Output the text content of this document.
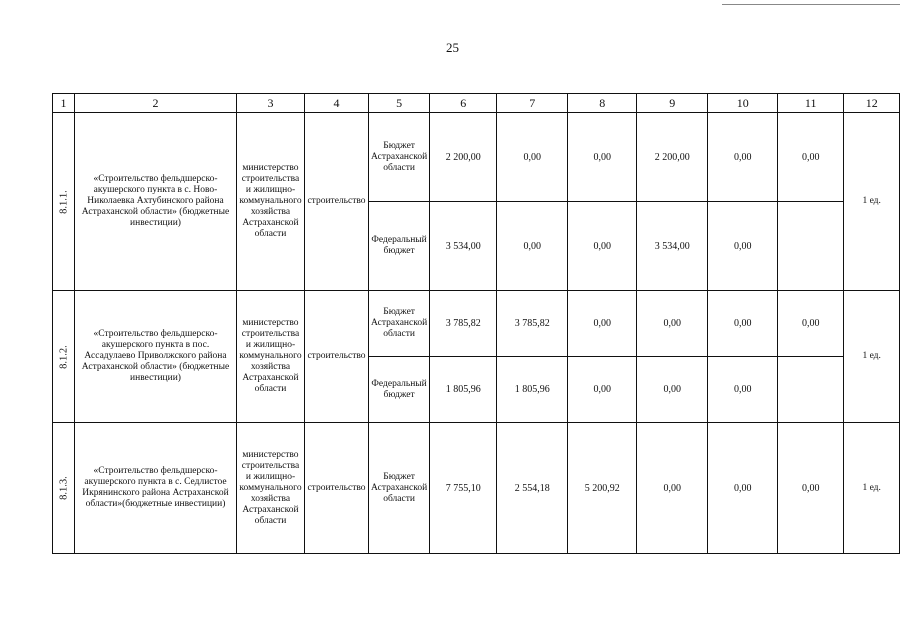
25
1	2	3	4	5	6	7	8	9	10	11	12

8.1.1.	«Строительство фельдшерско-акушерского пункта в с. Ново-Николаевка Ахтубинского района Астраханской области» (бюджетные инвестиции)	министерство строительства и жилищно-коммунального хозяйства Астраханской области	строительство	Бюджет Астраханской области	2 200,00	0,00	0,00	2 200,00	0,00	0,00	1 ед.
				Федеральный бюджет	3 534,00	0,00	0,00	3 534,00	0,00		

8.1.2.	«Строительство фельдшерско-акушерского пункта в пос. Ассадулаево Приволжского района Астраханской области» (бюджетные инвестиции)	министерство строительства и жилищно-коммунального хозяйства Астраханской области	строительство	Бюджет Астраханской области	3 785,82	3 785,82	0,00	0,00	0,00	0,00	1 ед.
				Федеральный бюджет	1 805,96	1 805,96	0,00	0,00	0,00		

8.1.3.	«Строительство фельдшерско-акушерского пункта в с. Седлистое Икрянинского района Астраханской области»(бюджетные инвестиции)	министерство строительства и жилищно-коммунального хозяйства Астраханской области	строительство	Бюджет Астраханской области	7 755,10	2 554,18	5 200,92	0,00	0,00	0,00	1 ед.
